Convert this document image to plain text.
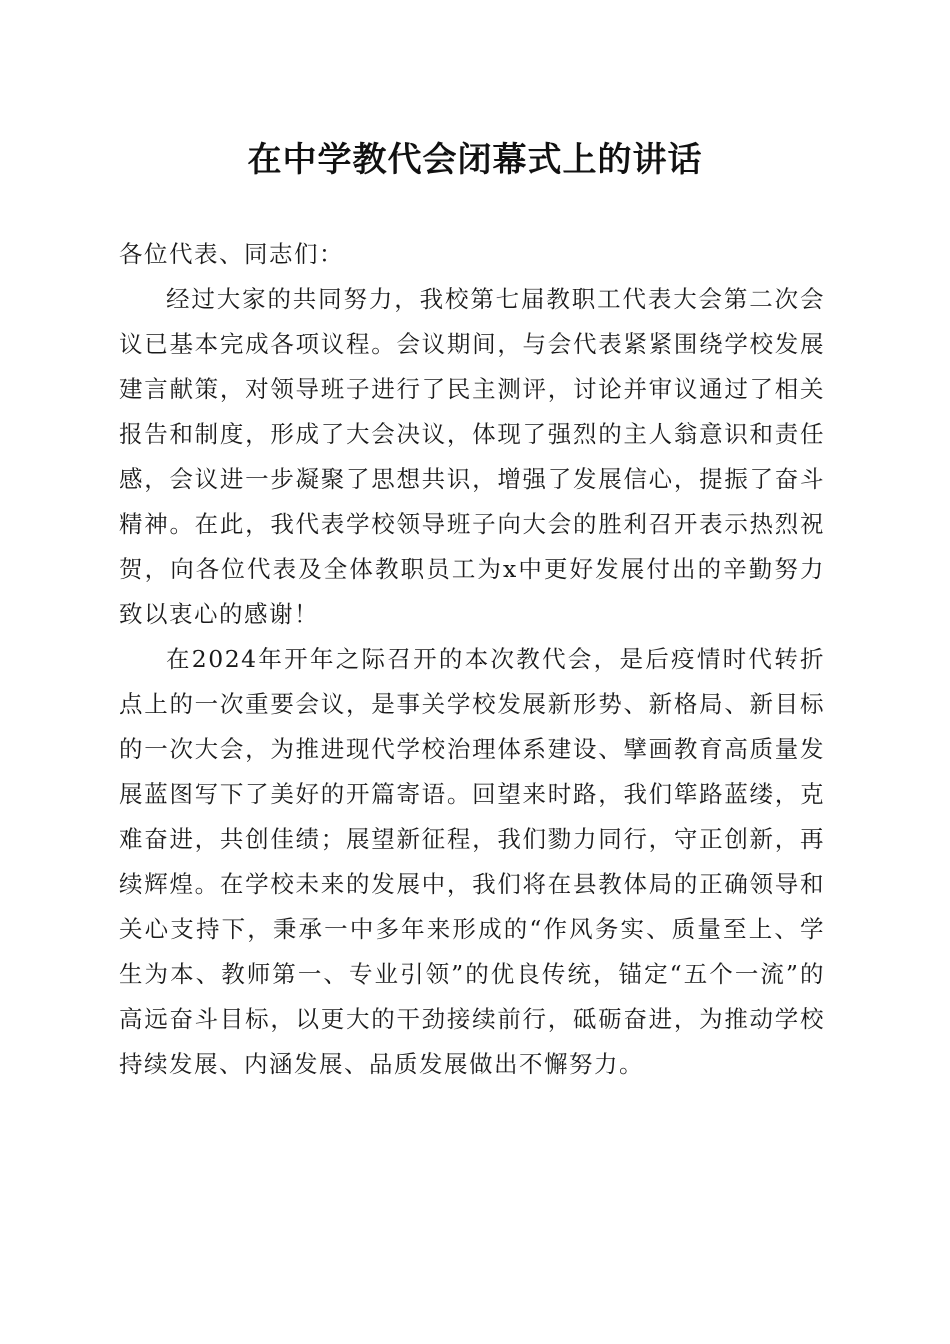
在中学教代会闭幕式上的讲话

各位代表、同志们：

经过大家的共同努力，我校第七届教职工代表大会第二次会议已基本完成各项议程。会议期间，与会代表紧紧围绕学校发展建言献策，对领导班子进行了民主测评，讨论并审议通过了相关报告和制度，形成了大会决议，体现了强烈的主人翁意识和责任感，会议进一步凝聚了思想共识，增强了发展信心，提振了奋斗精神。在此，我代表学校领导班子向大会的胜利召开表示热烈祝贺，向各位代表及全体教职员工为x中更好发展付出的辛勤努力致以衷心的感谢！

在2024年开年之际召开的本次教代会，是后疫情时代转折点上的一次重要会议，是事关学校发展新形势、新格局、新目标的一次大会，为推进现代学校治理体系建设、擘画教育高质量发展蓝图写下了美好的开篇寄语。回望来时路，我们筚路蓝缕，克难奋进，共创佳绩；展望新征程，我们勠力同行，守正创新，再续辉煌。在学校未来的发展中，我们将在县教体局的正确领导和关心支持下，秉承一中多年来形成的“作风务实、质量至上、学生为本、教师第一、专业引领”的优良传统，锚定“五个一流”的高远奋斗目标，以更大的干劲接续前行，砥砺奋进，为推动学校持续发展、内涵发展、品质发展做出不懈努力。
